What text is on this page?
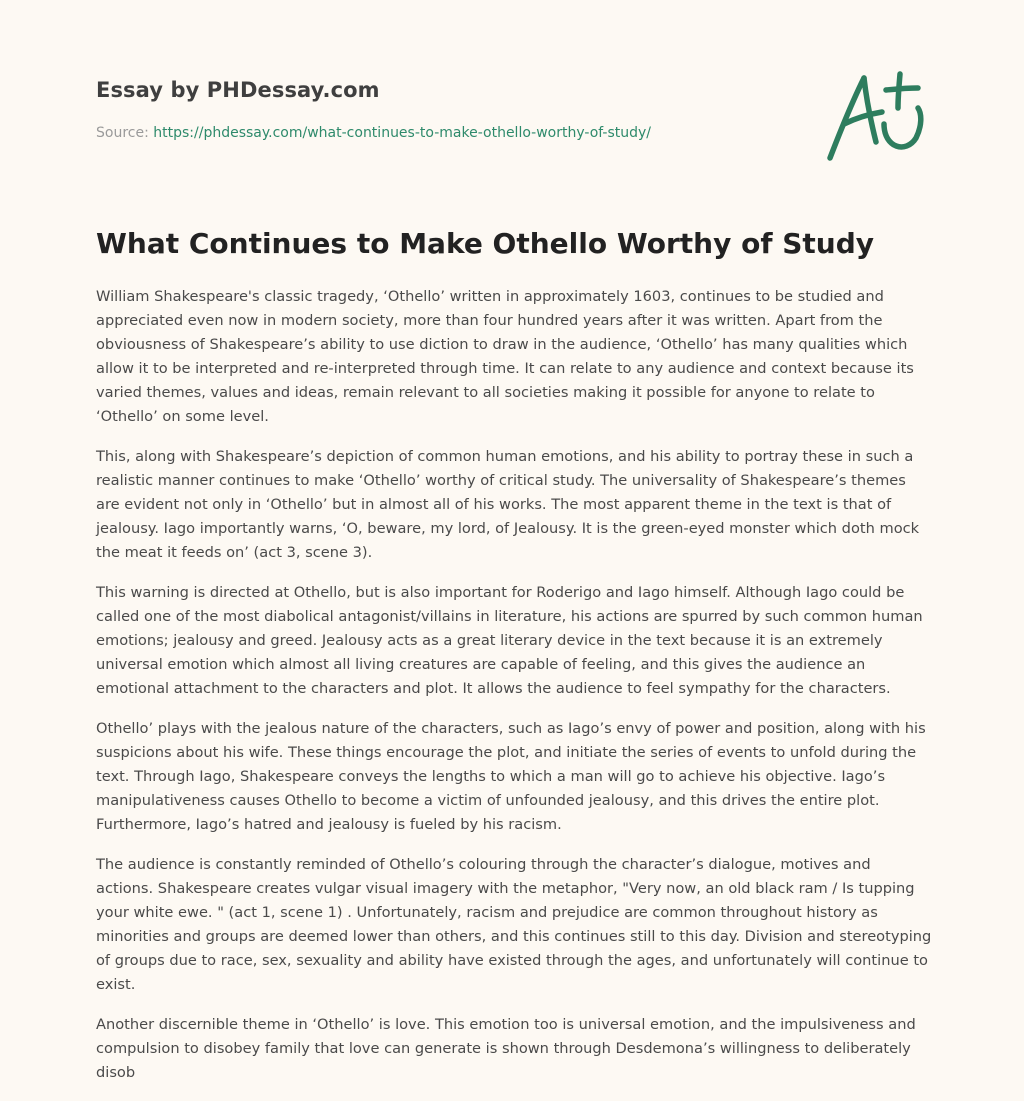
Essay by PHDessay.com
Source: https://phdessay.com/what-continues-to-make-othello-worthy-of-study/
What Continues to Make Othello Worthy of Study

William Shakespeare's classic tragedy, ‘Othello’ written in approximately 1603, continues to be studied and appreciated even now in modern society, more than four hundred years after it was written. Apart from the obviousness of Shakespeare’s ability to use diction to draw in the audience, ‘Othello’ has many qualities which allow it to be interpreted and re-interpreted through time. It can relate to any audience and context because its varied themes, values and ideas, remain relevant to all societies making it possible for anyone to relate to ‘Othello’ on some level.

This, along with Shakespeare’s depiction of common human emotions, and his ability to portray these in such a realistic manner continues to make ‘Othello’ worthy of critical study. The universality of Shakespeare’s themes are evident not only in ‘Othello’ but in almost all of his works. The most apparent theme in the text is that of jealousy. Iago importantly warns, ‘O, beware, my lord, of Jealousy. It is the green-eyed monster which doth mock the meat it feeds on’ (act 3, scene 3).

This warning is directed at Othello, but is also important for Roderigo and Iago himself. Although Iago could be called one of the most diabolical antagonist/villains in literature, his actions are spurred by such common human emotions; jealousy and greed. Jealousy acts as a great literary device in the text because it is an extremely universal emotion which almost all living creatures are capable of feeling, and this gives the audience an emotional attachment to the characters and plot. It allows the audience to feel sympathy for the characters.

Othello’ plays with the jealous nature of the characters, such as Iago’s envy of power and position, along with his suspicions about his wife. These things encourage the plot, and initiate the series of events to unfold during the text. Through Iago, Shakespeare conveys the lengths to which a man will go to achieve his objective. Iago’s manipulativeness causes Othello to become a victim of unfounded jealousy, and this drives the entire plot. Furthermore, Iago’s hatred and jealousy is fueled by his racism.

The audience is constantly reminded of Othello’s colouring through the character’s dialogue, motives and actions. Shakespeare creates vulgar visual imagery with the metaphor, "Very now, an old black ram / Is tupping your white ewe. " (act 1, scene 1) . Unfortunately, racism and prejudice are common throughout history as minorities and groups are deemed lower than others, and this continues still to this day. Division and stereotyping of groups due to race, sex, sexuality and ability have existed through the ages, and unfortunately will continue to exist.

Another discernible theme in ‘Othello’ is love. This emotion too is universal emotion, and the impulsiveness and compulsion to disobey family that love can generate is shown through Desdemona’s willingness to deliberately disob
